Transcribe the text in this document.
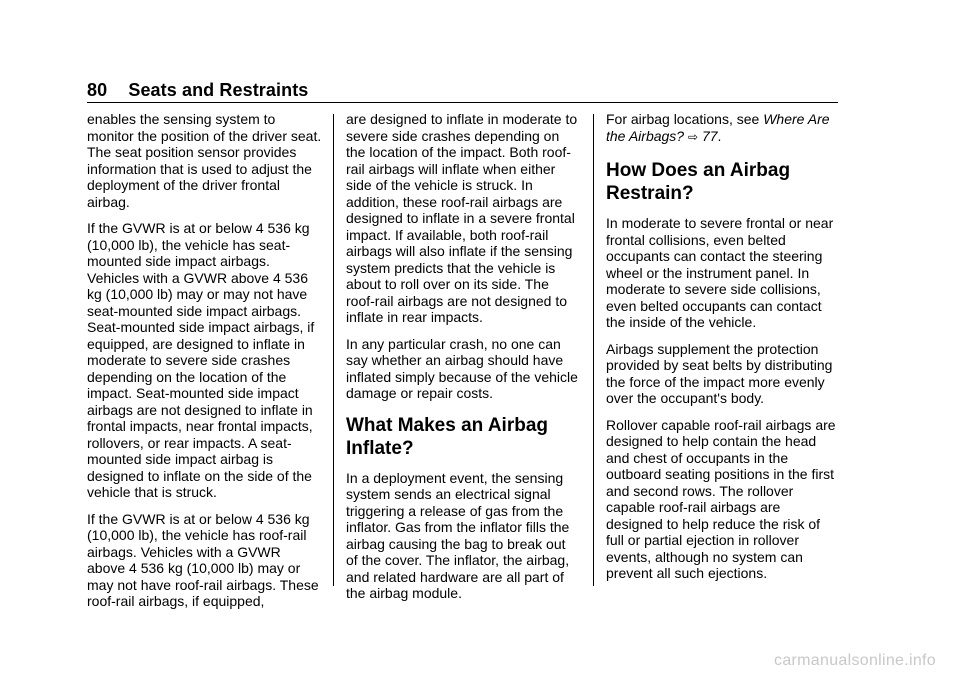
80 Seats and Restraints

enables the sensing system to monitor the position of the driver seat. The seat position sensor provides information that is used to adjust the deployment of the driver frontal airbag.

If the GVWR is at or below 4 536 kg (10,000 lb), the vehicle has seat-mounted side impact airbags. Vehicles with a GVWR above 4 536 kg (10,000 lb) may or may not have seat-mounted side impact airbags. Seat-mounted side impact airbags, if equipped, are designed to inflate in moderate to severe side crashes depending on the location of the impact. Seat-mounted side impact airbags are not designed to inflate in frontal impacts, near frontal impacts, rollovers, or rear impacts. A seat-mounted side impact airbag is designed to inflate on the side of the vehicle that is struck.

If the GVWR is at or below 4 536 kg (10,000 lb), the vehicle has roof-rail airbags. Vehicles with a GVWR above 4 536 kg (10,000 lb) may or may not have roof-rail airbags. These roof-rail airbags, if equipped,

are designed to inflate in moderate to severe side crashes depending on the location of the impact. Both roof-rail airbags will inflate when either side of the vehicle is struck. In addition, these roof-rail airbags are designed to inflate in a severe frontal impact. If available, both roof-rail airbags will also inflate if the sensing system predicts that the vehicle is about to roll over on its side. The roof-rail airbags are not designed to inflate in rear impacts.

In any particular crash, no one can say whether an airbag should have inflated simply because of the vehicle damage or repair costs.

What Makes an Airbag Inflate?

In a deployment event, the sensing system sends an electrical signal triggering a release of gas from the inflator. Gas from the inflator fills the airbag causing the bag to break out of the cover. The inflator, the airbag, and related hardware are all part of the airbag module.

For airbag locations, see Where Are the Airbags? ⇨ 77.

How Does an Airbag Restrain?

In moderate to severe frontal or near frontal collisions, even belted occupants can contact the steering wheel or the instrument panel. In moderate to severe side collisions, even belted occupants can contact the inside of the vehicle.

Airbags supplement the protection provided by seat belts by distributing the force of the impact more evenly over the occupant's body.

Rollover capable roof-rail airbags are designed to help contain the head and chest of occupants in the outboard seating positions in the first and second rows. The rollover capable roof-rail airbags are designed to help reduce the risk of full or partial ejection in rollover events, although no system can prevent all such ejections.

carmanualsonline.info
